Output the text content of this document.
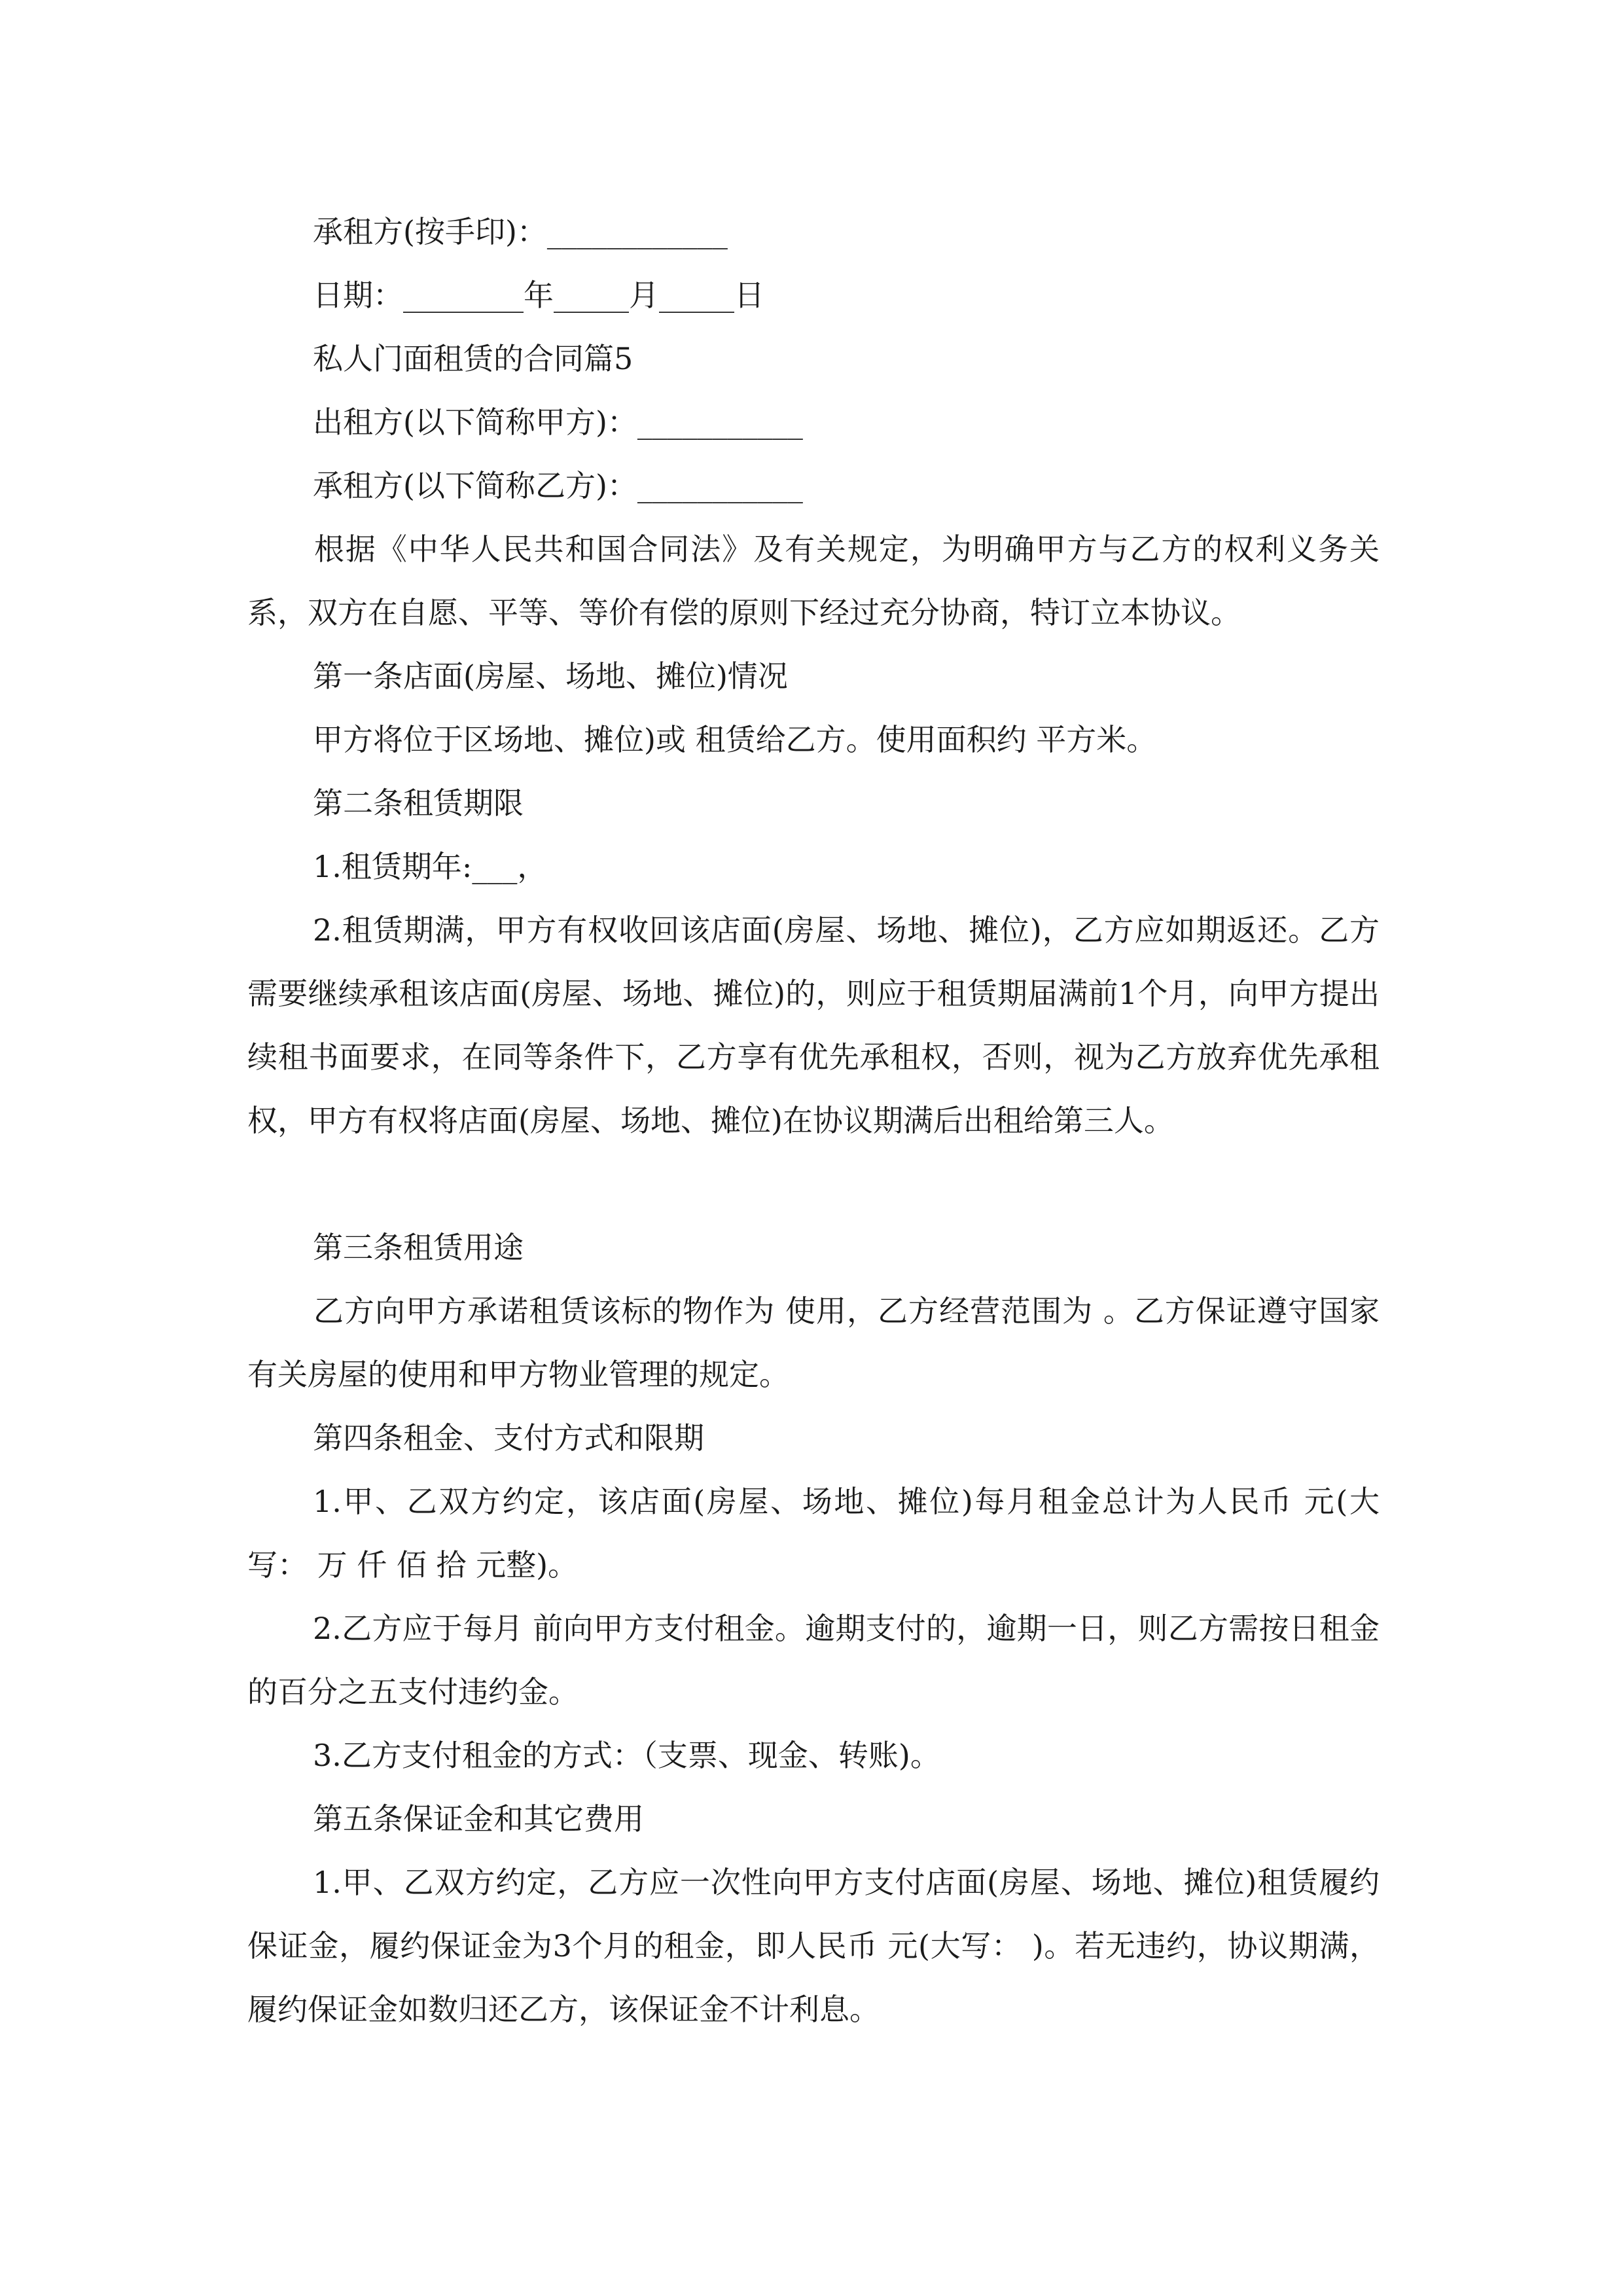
承租方(按手印)：____________

日期：________年_____月_____日

私人门面租赁的合同篇5

出租方(以下简称甲方)：___________

承租方(以下简称乙方)：___________

根据《中华人民共和国合同法》及有关规定，为明确甲方与乙方的权利义务关系，双方在自愿、平等、等价有偿的原则下经过充分协商，特订立本协议。

第一条店面(房屋、场地、摊位)情况

甲方将位于区场地、摊位)或 租赁给乙方。使用面积约 平方米。

第二条租赁期限

1.租赁期年:___，

2.租赁期满，甲方有权收回该店面(房屋、场地、摊位)，乙方应如期返还。乙方需要继续承租该店面(房屋、场地、摊位)的，则应于租赁期届满前1个月，向甲方提出续租书面要求，在同等条件下，乙方享有优先承租权，否则，视为乙方放弃优先承租权，甲方有权将店面(房屋、场地、摊位)在协议期满后出租给第三人。

第三条租赁用途

乙方向甲方承诺租赁该标的物作为 使用，乙方经营范围为 。乙方保证遵守国家有关房屋的使用和甲方物业管理的规定。

第四条租金、支付方式和限期

1.甲、乙双方约定，该店面(房屋、场地、摊位)每月租金总计为人民币 元(大写： 万 仟 佰 拾 元整)。

2.乙方应于每月 前向甲方支付租金。逾期支付的，逾期一日，则乙方需按日租金的百分之五支付违约金。

3.乙方支付租金的方式：（支票、现金、转账)。

第五条保证金和其它费用

1.甲、乙双方约定，乙方应一次性向甲方支付店面(房屋、场地、摊位)租赁履约保证金，履约保证金为3个月的租金，即人民币 元(大写： )。若无违约，协议期满，履约保证金如数归还乙方，该保证金不计利息。
